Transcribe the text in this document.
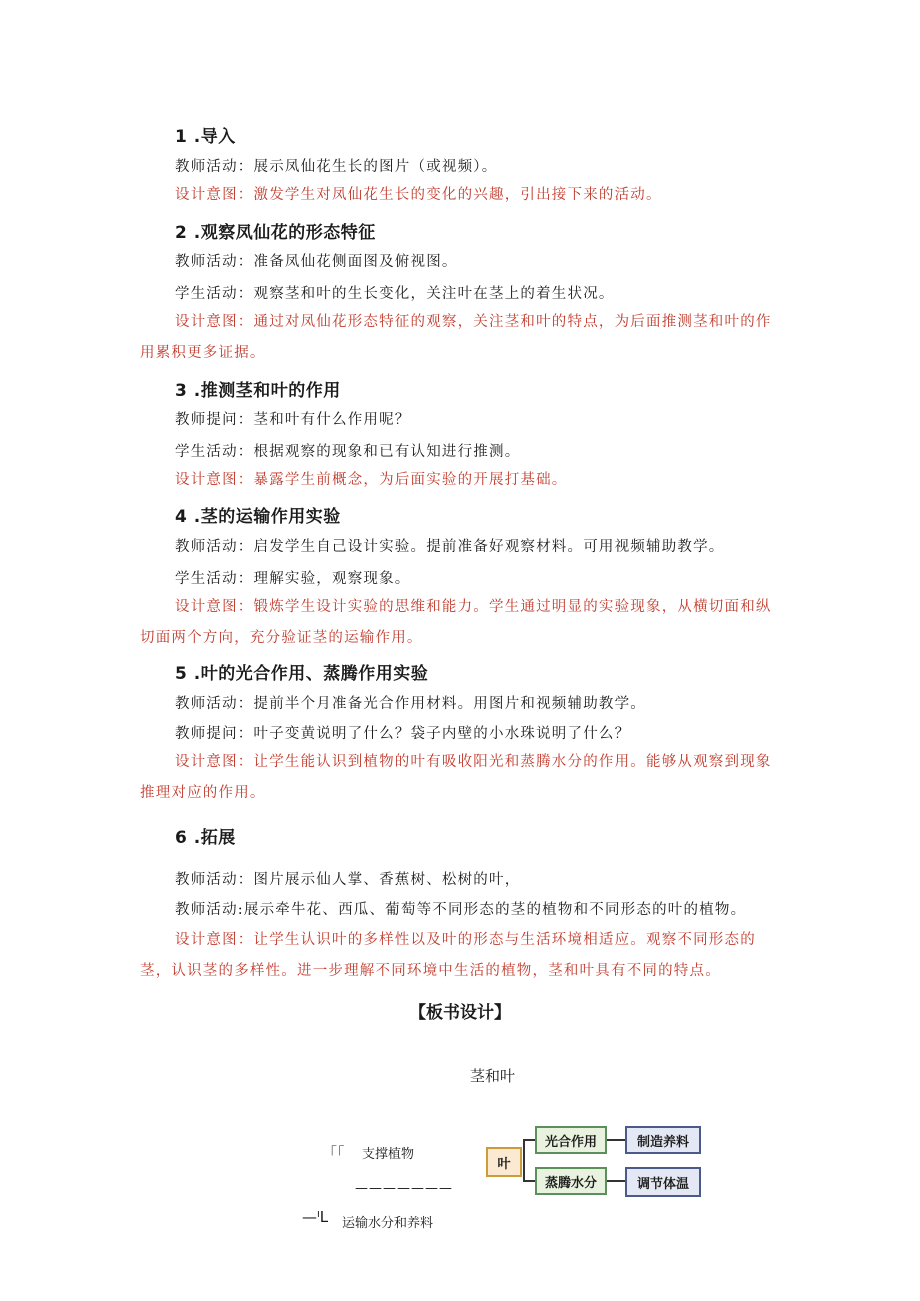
1 .导入
教师活动：展示凤仙花生长的图片（或视频）。
设计意图：激发学生对凤仙花生长的变化的兴趣，引出接下来的活动。
2 .观察凤仙花的形态特征
教师活动：准备凤仙花侧面图及俯视图。
学生活动：观察茎和叶的生长变化，关注叶在茎上的着生状况。
设计意图：通过对凤仙花形态特征的观察，关注茎和叶的特点，为后面推测茎和叶的作用累积更多证据。
3 .推测茎和叶的作用
教师提问：茎和叶有什么作用呢？
学生活动：根据观察的现象和已有认知进行推测。
设计意图：暴露学生前概念，为后面实验的开展打基础。
4 .茎的运输作用实验
教师活动：启发学生自己设计实验。提前准备好观察材料。可用视频辅助教学。
学生活动：理解实验，观察现象。
设计意图：锻炼学生设计实验的思维和能力。学生通过明显的实验现象，从横切面和纵切面两个方向，充分验证茎的运输作用。
5 .叶的光合作用、蒸腾作用实验
教师活动：提前半个月准备光合作用材料。用图片和视频辅助教学。
教师提问：叶子变黄说明了什么？袋子内壁的小水珠说明了什么？
设计意图：让学生能认识到植物的叶有吸收阳光和蒸腾水分的作用。能够从观察到现象推理对应的作用。
6 .拓展
教师活动：图片展示仙人掌、香蕉树、松树的叶，
教师活动:展示牵牛花、西瓜、葡萄等不同形态的茎的植物和不同形态的叶的植物。
设计意图：让学生认识叶的多样性以及叶的形态与生活环境相适应。观察不同形态的茎，认识茎的多样性。进一步理解不同环境中生活的植物，茎和叶具有不同的特点。
【板书设计】
茎和叶
「「 支撑植物
———————
—ᴵL 运输水分和养料
叶
光合作用
蒸腾水分
制造养料
调节体温
